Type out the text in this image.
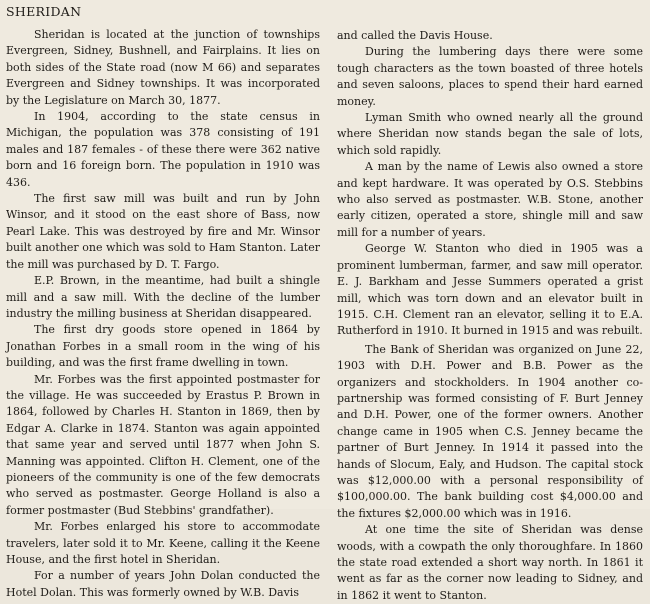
SHERIDAN

Sheridan is located at the junction of townships Evergreen, Sidney, Bushnell, and Fairplains. It lies on both sides of the State road (now M 66) and separates Evergreen and Sidney townships. It was incorporated by the Legislature on March 30, 1877.

In 1904, according to the state census in Michigan, the population was 378 consisting of 191 males and 187 females - of these there were 362 native born and 16 foreign born. The population in 1910 was 436.

The first saw mill was built and run by John Winsor, and it stood on the east shore of Bass, now Pearl Lake. This was destroyed by fire and Mr. Winsor built another one which was sold to Ham Stanton. Later the mill was purchased by D. T. Fargo.

E.P. Brown, in the meantime, had built a shingle mill and a saw mill. With the decline of the lumber industry the milling business at Sheridan disappeared.

The first dry goods store opened in 1864 by Jonathan Forbes in a small room in the wing of his building, and was the first frame dwelling in town.

Mr. Forbes was the first appointed postmaster for the village. He was succeeded by Erastus P. Brown in 1864, followed by Charles H. Stanton in 1869, then by Edgar A. Clarke in 1874. Stanton was again appointed that same year and served until 1877 when John S. Manning was appointed. Clifton H. Clement, one of the pioneers of the community is one of the few democrats who served as postmaster. George Holland is also a former postmaster (Bud Stebbins' grandfather).

Mr. Forbes enlarged his store to accommodate travelers, later sold it to Mr. Keene, calling it the Keene House, and the first hotel in Sheridan.

For a number of years John Dolan conducted the Hotel Dolan. This was formerly owned by W.B. Davis

and called the Davis House.

During the lumbering days there were some tough characters as the town boasted of three hotels and seven saloons, places to spend their hard earned money.

Lyman Smith who owned nearly all the ground where Sheridan now stands began the sale of lots, which sold rapidly.

A man by the name of Lewis also owned a store and kept hardware. It was operated by O.S. Stebbins who also served as postmaster. W.B. Stone, another early citizen, operated a store, shingle mill and saw mill for a number of years.

George W. Stanton who died in 1905 was a prominent lumberman, farmer, and saw mill operator. E. J. Barkham and Jesse Summers operated a grist mill, which was torn down and an elevator built in 1915. C.H. Clement ran an elevator, selling it to E.A. Rutherford in 1910. It burned in 1915 and was rebuilt.

The Bank of Sheridan was organized on June 22, 1903 with D.H. Power and B.B. Power as the organizers and stockholders. In 1904 another co-partnership was formed consisting of F. Burt Jenney and D.H. Power, one of the former owners. Another change came in 1905 when C.S. Jenney became the partner of Burt Jenney. In 1914 it passed into the hands of Slocum, Ealy, and Hudson. The capital stock was $12,000.00 with a personal responsibility of $100,000.00. The bank building cost $4,000.00 and the fixtures $2,000.00 which was in 1916.

At one time the site of Sheridan was dense woods, with a cowpath the only thoroughfare. In 1860 the state road extended a short way north. In 1861 it went as far as the corner now leading to Sidney, and in 1862 it went to Stanton.
